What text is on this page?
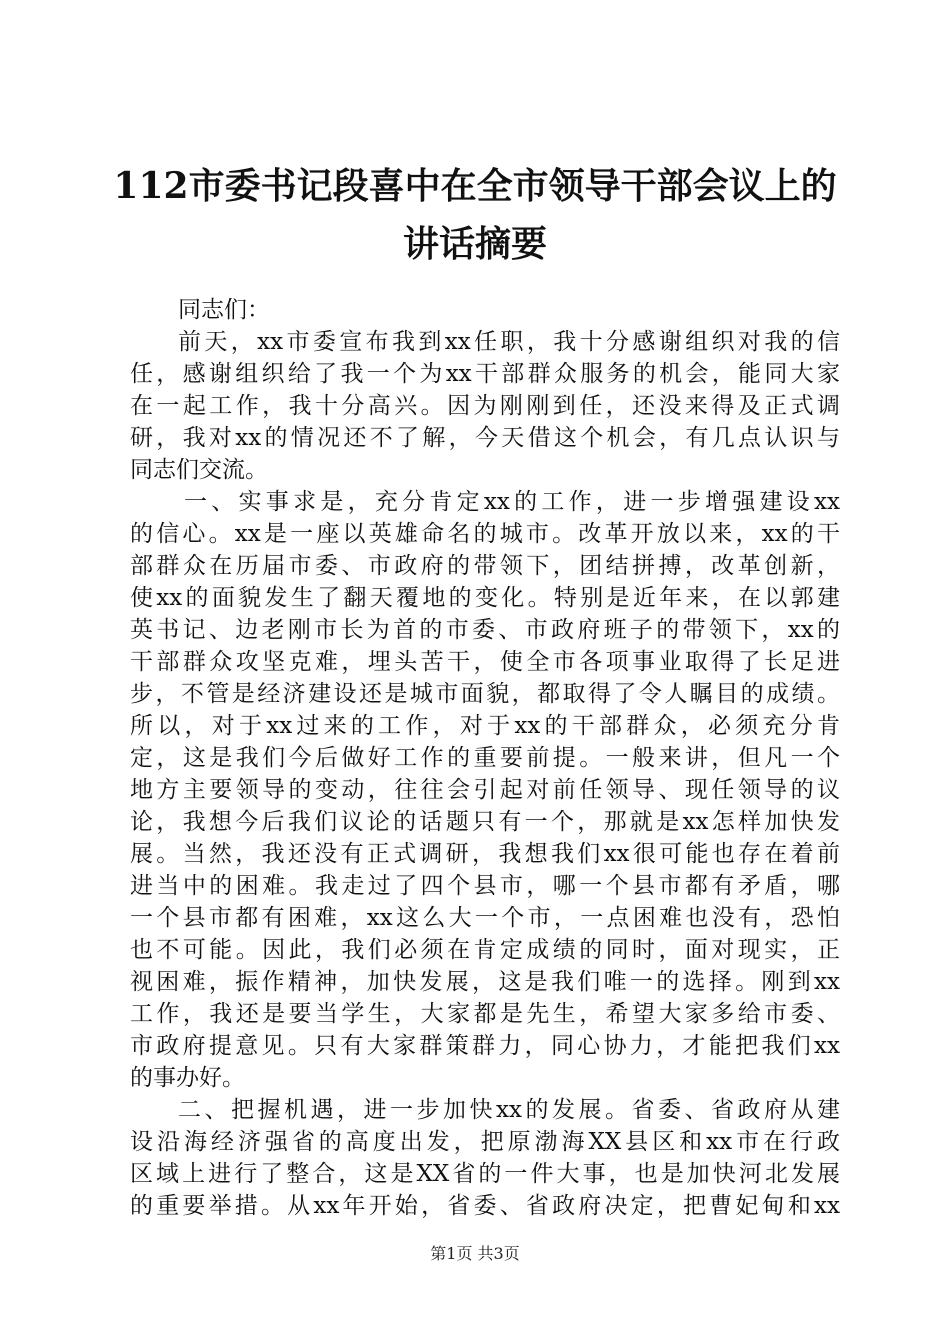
112市委书记段喜中在全市领导干部会议上的
讲话摘要
同志们：
前天，xx市委宣布我到xx任职，我十分感谢组织对我的信
任，感谢组织给了我一个为xx干部群众服务的机会，能同大家
在一起工作，我十分高兴。因为刚刚到任，还没来得及正式调
研，我对xx的情况还不了解，今天借这个机会，有几点认识与
同志们交流。
一、实事求是，充分肯定xx的工作，进一步增强建设xx
的信心。xx是一座以英雄命名的城市。改革开放以来，xx的干
部群众在历届市委、市政府的带领下，团结拼搏，改革创新，
使xx的面貌发生了翻天覆地的变化。特别是近年来，在以郭建
英书记、边老刚市长为首的市委、市政府班子的带领下，xx的
干部群众攻坚克难，埋头苦干，使全市各项事业取得了长足进
步，不管是经济建设还是城市面貌，都取得了令人瞩目的成绩。
所以，对于xx过来的工作，对于xx的干部群众，必须充分肯
定，这是我们今后做好工作的重要前提。一般来讲，但凡一个
地方主要领导的变动，往往会引起对前任领导、现任领导的议
论，我想今后我们议论的话题只有一个，那就是xx怎样加快发
展。当然，我还没有正式调研，我想我们xx很可能也存在着前
进当中的困难。我走过了四个县市，哪一个县市都有矛盾，哪
一个县市都有困难，xx这么大一个市，一点困难也没有，恐怕
也不可能。因此，我们必须在肯定成绩的同时，面对现实，正
视困难，振作精神，加快发展，这是我们唯一的选择。刚到xx
工作，我还是要当学生，大家都是先生，希望大家多给市委、
市政府提意见。只有大家群策群力，同心协力，才能把我们xx
的事办好。
二、把握机遇，进一步加快xx的发展。省委、省政府从建
设沿海经济强省的高度出发，把原渤海XX县区和xx市在行政
区域上进行了整合，这是XX省的一件大事，也是加快河北发展
的重要举措。从xx年开始，省委、省政府决定，把曹妃甸和xx
第1页 共3页
